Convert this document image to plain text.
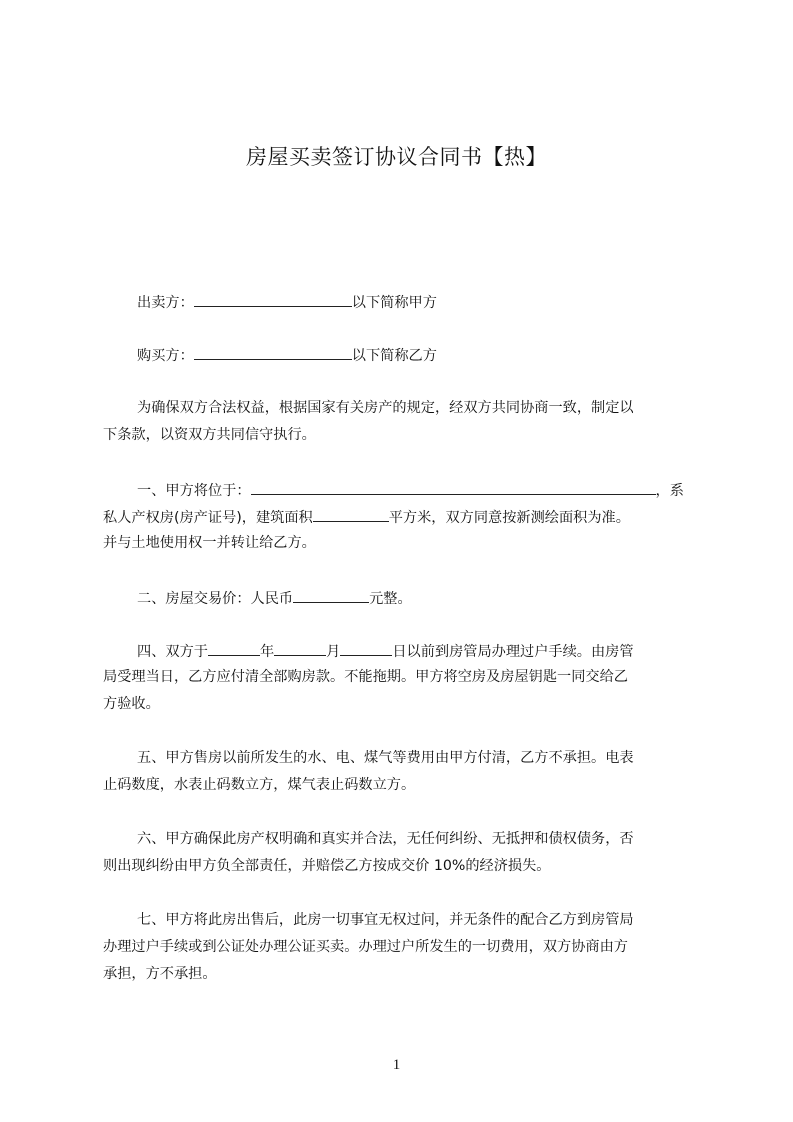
房屋买卖签订协议合同书【热】
出卖方：	以下简称甲方
购买方：	以下简称乙方
为确保双方合法权益，根据国家有关房产的规定，经双方共同协商一致，制定以
下条款，以资双方共同信守执行。
一、甲方将位于：	，系
私人产权房(房产证号)，建筑面积	平方米，双方同意按新测绘面积为准。
并与土地使用权一并转让给乙方。
二、房屋交易价：人民币	元整。
四、双方于	年	月	日以前到房管局办理过户手续。由房管
局受理当日，乙方应付清全部购房款。不能拖期。甲方将空房及房屋钥匙一同交给乙
方验收。
五、甲方售房以前所发生的水、电、煤气等费用由甲方付清，乙方不承担。电表
止码数度，水表止码数立方，煤气表止码数立方。
六、甲方确保此房产权明确和真实并合法，无任何纠纷、无抵押和债权债务，否
则出现纠纷由甲方负全部责任，并赔偿乙方按成交价 10%的经济损失。
七、甲方将此房出售后，此房一切事宜无权过问，并无条件的配合乙方到房管局
办理过户手续或到公证处办理公证买卖。办理过户所发生的一切费用，双方协商由方
承担，方不承担。
1
